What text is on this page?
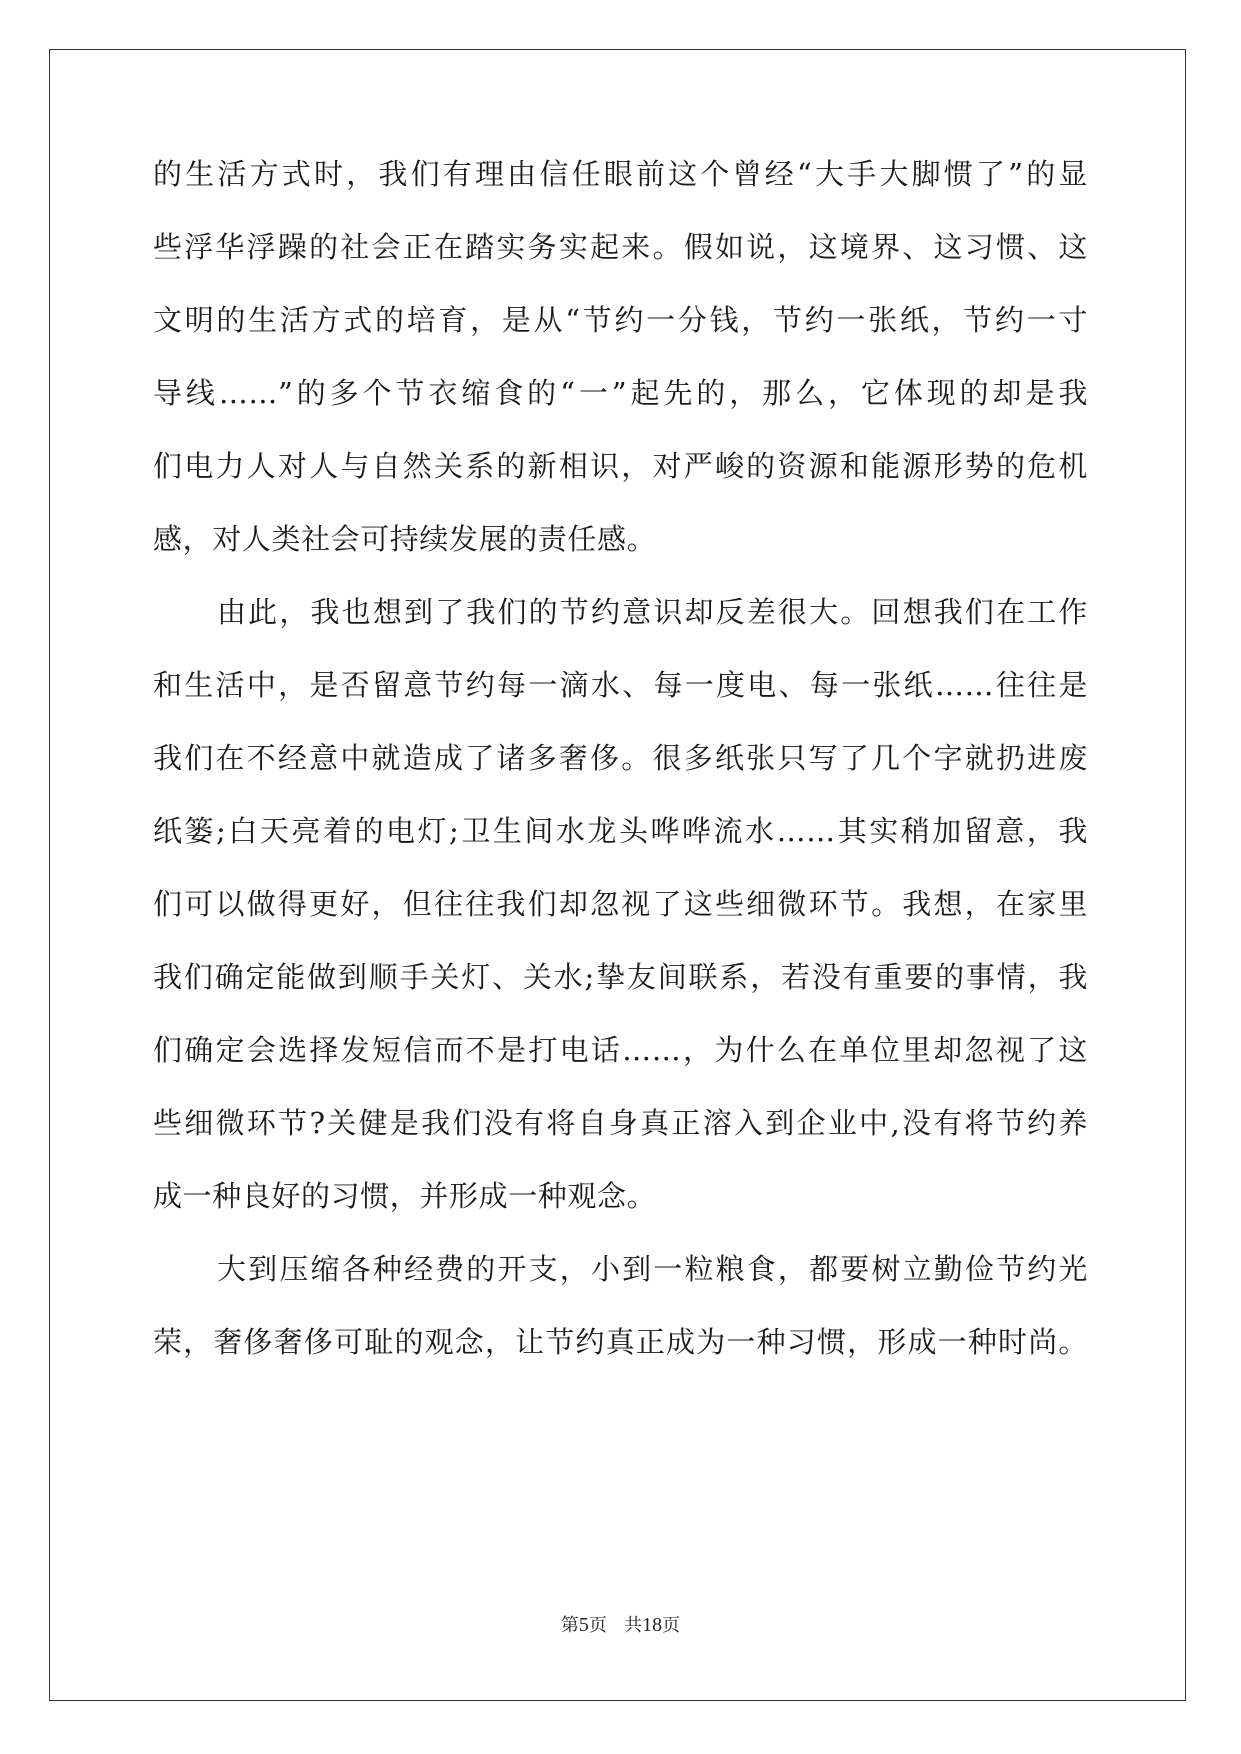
的生活方式时，我们有理由信任眼前这个曾经“大手大脚惯了”的显
些浮华浮躁的社会正在踏实务实起来。假如说，这境界、这习惯、这
文明的生活方式的培育，是从“节约一分钱，节约一张纸，节约一寸
导线……”的多个节衣缩食的“一”起先的，那么，它体现的却是我
们电力人对人与自然关系的新相识，对严峻的资源和能源形势的危机
感，对人类社会可持续发展的责任感。
由此，我也想到了我们的节约意识却反差很大。回想我们在工作
和生活中，是否留意节约每一滴水、每一度电、每一张纸……往往是
我们在不经意中就造成了诸多奢侈。很多纸张只写了几个字就扔进废
纸篓;白天亮着的电灯;卫生间水龙头哗哗流水……其实稍加留意，我
们可以做得更好，但往往我们却忽视了这些细微环节。我想，在家里
我们确定能做到顺手关灯、关水;挚友间联系，若没有重要的事情，我
们确定会选择发短信而不是打电话……，为什么在单位里却忽视了这
些细微环节?关健是我们没有将自身真正溶入到企业中,没有将节约养
成一种良好的习惯，并形成一种观念。
大到压缩各种经费的开支，小到一粒粮食，都要树立勤俭节约光
荣，奢侈奢侈可耻的观念，让节约真正成为一种习惯，形成一种时尚。
第5页 共18页
